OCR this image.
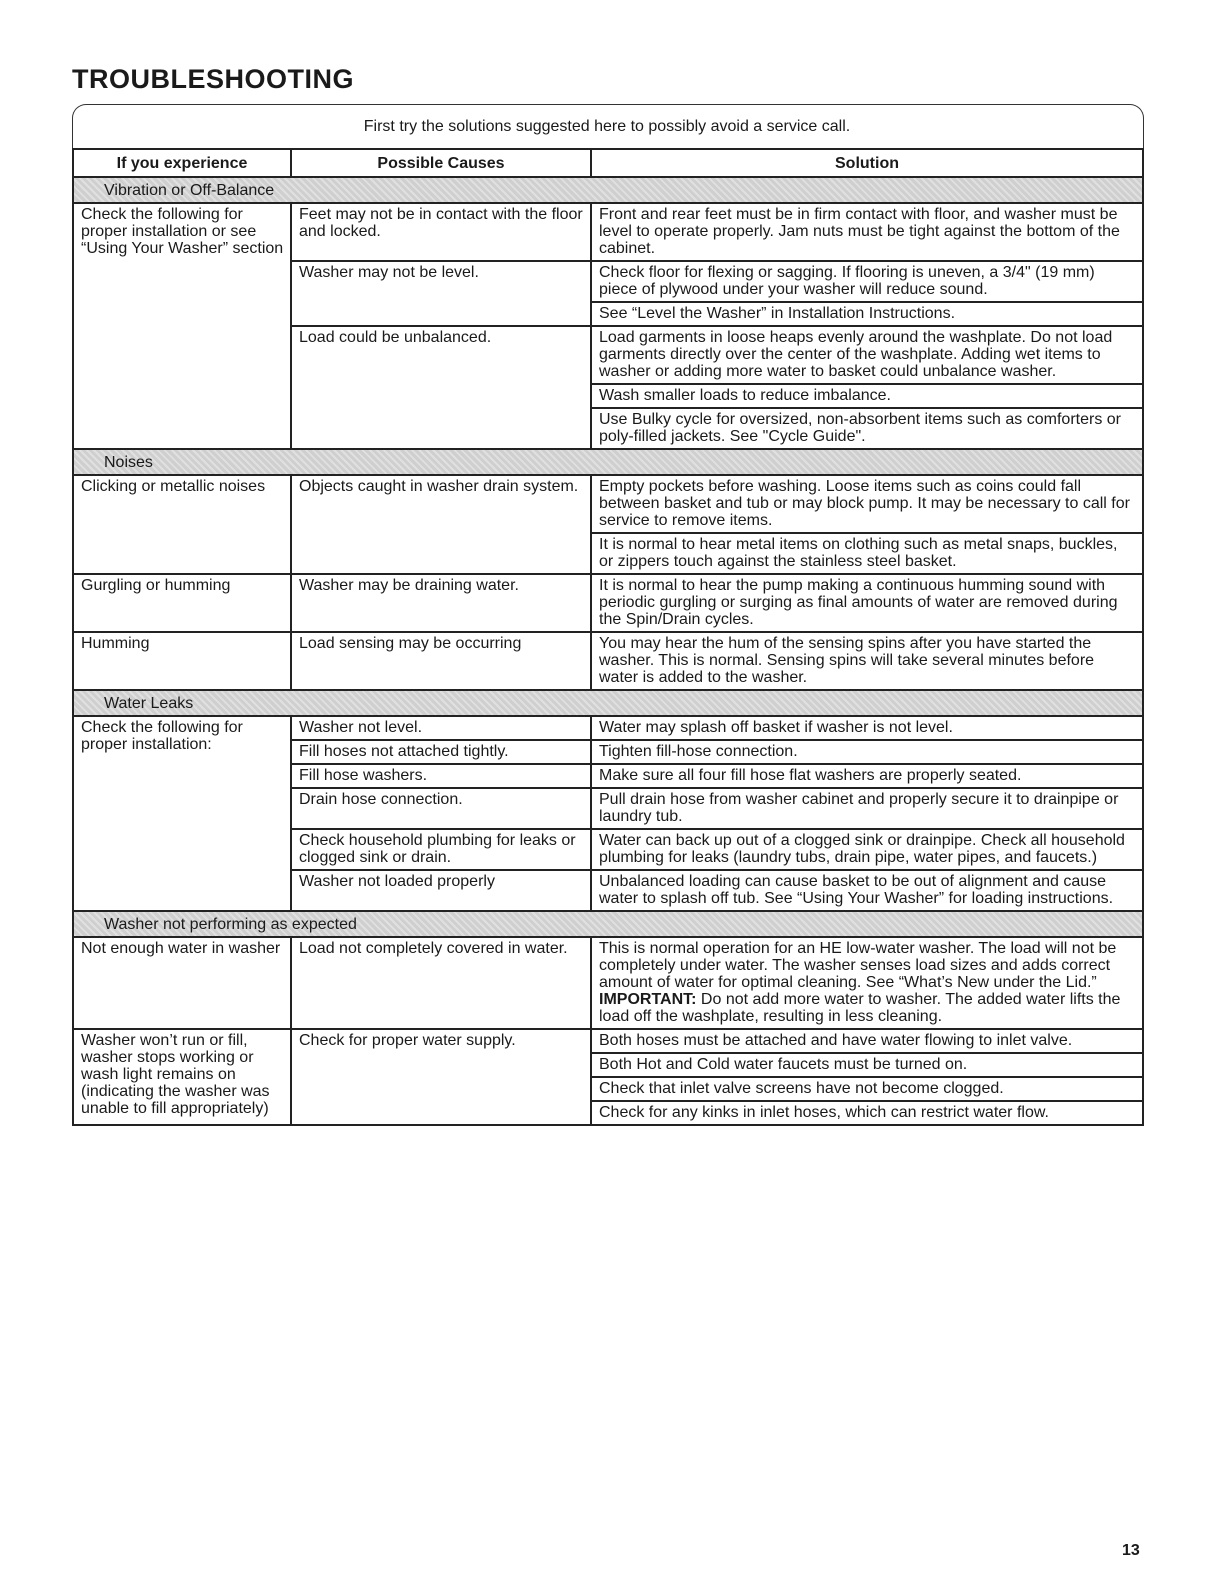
TROUBLESHOOTING
First try the solutions suggested here to possibly avoid a service call.
If you experience	Possible Causes	Solution
Vibration or Off-Balance		
Check the following for proper installation or see “Using Your Washer” section	Feet may not be in contact with the floor and locked.	Front and rear feet must be in firm contact with floor, and washer must be level to operate properly. Jam nuts must be tight against the bottom of the cabinet.
	Washer may not be level.	Check floor for flexing or sagging. If flooring is uneven, a 3/4" (19 mm) piece of plywood under your washer will reduce sound.
		See “Level the Washer” in Installation Instructions.
	Load could be unbalanced.	Load garments in loose heaps evenly around the washplate. Do not load garments directly over the center of the washplate. Adding wet items to washer or adding more water to basket could unbalance washer.
		Wash smaller loads to reduce imbalance.
		Use Bulky cycle for oversized, non-absorbent items such as comforters or poly-filled jackets. See "Cycle Guide".
Noises		
Clicking or metallic noises	Objects caught in washer drain system.	Empty pockets before washing. Loose items such as coins could fall between basket and tub or may block pump. It may be necessary to call for service to remove items.
		It is normal to hear metal items on clothing such as metal snaps, buckles, or zippers touch against the stainless steel basket.
Gurgling or humming	Washer may be draining water.	It is normal to hear the pump making a continuous humming sound with periodic gurgling or surging as final amounts of water are removed during the Spin/Drain cycles.
Humming	Load sensing may be occurring	You may hear the hum of the sensing spins after you have started the washer. This is normal. Sensing spins will take several minutes before water is added to the washer.
Water Leaks		
Check the following for proper installation:	Washer not level.	Water may splash off basket if washer is not level.
	Fill hoses not attached tightly.	Tighten fill-hose connection.
	Fill hose washers.	Make sure all four fill hose flat washers are properly seated.
	Drain hose connection.	Pull drain hose from washer cabinet and properly secure it to drainpipe or laundry tub.
	Check household plumbing for leaks or clogged sink or drain.	Water can back up out of a clogged sink or drainpipe. Check all household plumbing for leaks (laundry tubs, drain pipe, water pipes, and faucets.)
	Washer not loaded properly	Unbalanced loading can cause basket to be out of alignment and cause water to splash off tub. See “Using Your Washer” for loading instructions.
Washer not performing as expected		
Not enough water in washer	Load not completely covered in water.	This is normal operation for an HE low-water washer. The load will not be completely under water. The washer senses load sizes and adds correct amount of water for optimal cleaning. See “What’s New under the Lid.”
IMPORTANT: Do not add more water to washer. The added water lifts the load off the washplate, resulting in less cleaning.
Washer won’t run or fill, washer stops working or wash light remains on (indicating the washer was unable to fill appropriately)	Check for proper water supply.	Both hoses must be attached and have water flowing to inlet valve.
		Both Hot and Cold water faucets must be turned on.
		Check that inlet valve screens have not become clogged.
		Check for any kinks in inlet hoses, which can restrict water flow.
13
